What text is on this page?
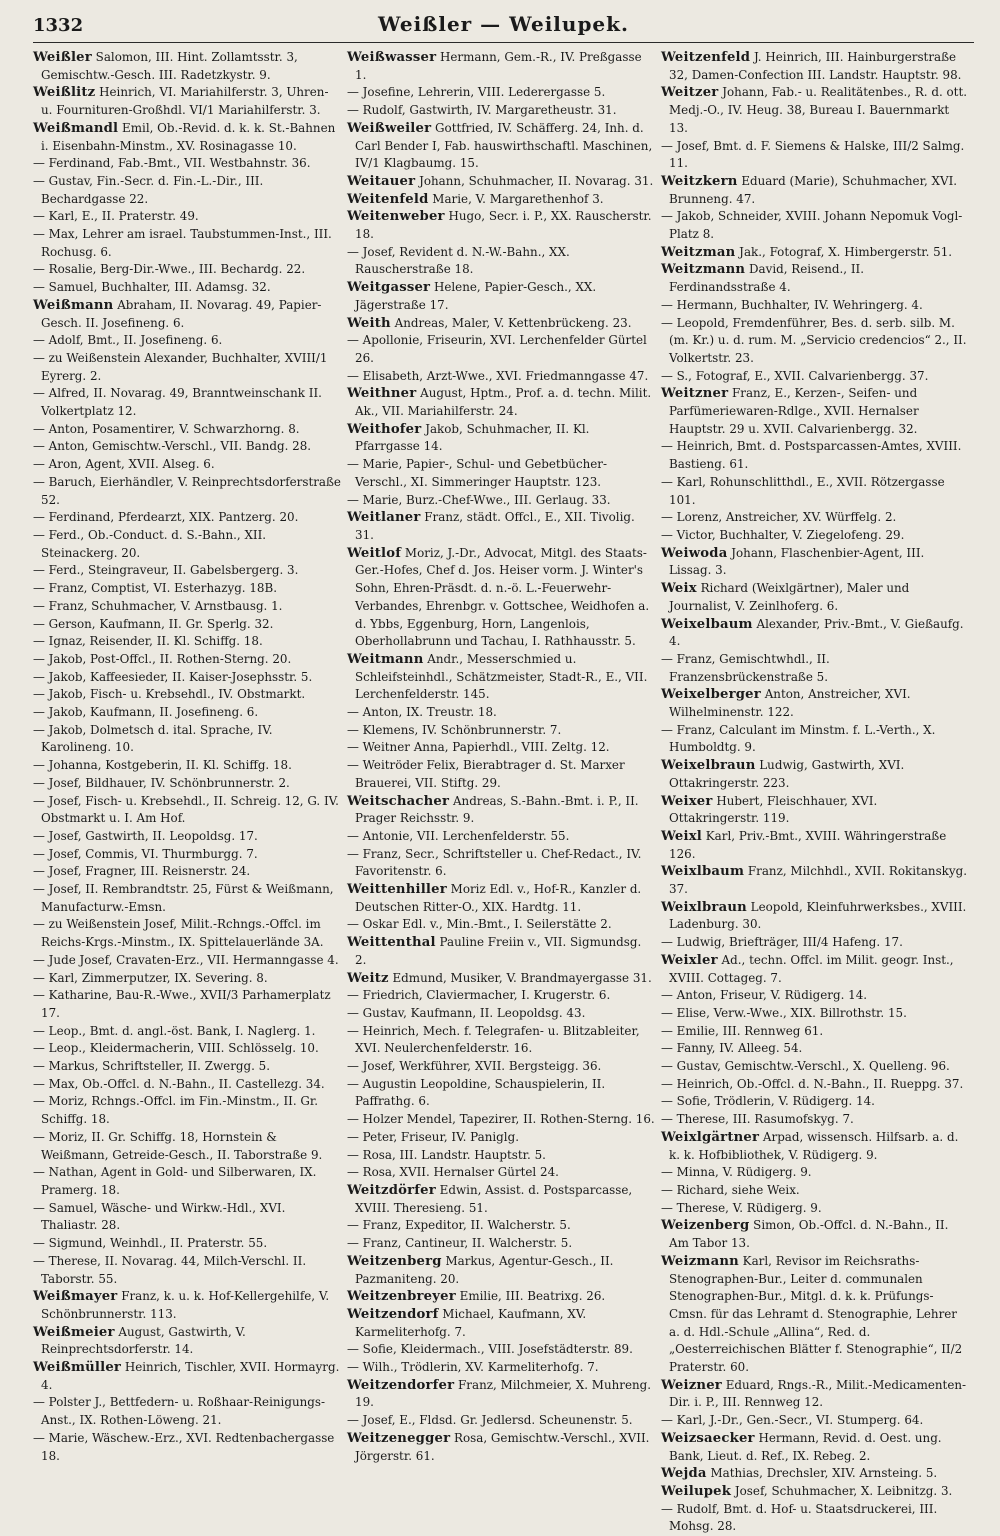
1332	Weißler — Weilupek.
Weißler Salomon, III. Hint. Zollamtsstr. 3, Gemischtw.-Gesch. III. Radetzkystr. 9.
Weißlitz Heinrich, VI. Mariahilferstr. 3, Uhren- u. Fournituren-Großhdl. VI/1 Mariahilferstr. 3.
Weißmandl Emil, Ob.-Revid. d. k. k. St.-Bahnen i. Eisenbahn-Minstm., XV. Rosinagasse 10.
— Ferdinand, Fab.-Bmt., VII. Westbahnstr. 36.
— Gustav, Fin.-Secr. d. Fin.-L.-Dir., III. Bechardgasse 22.
— Karl, E., II. Praterstr. 49.
— Max, Lehrer am israel. Taubstummen-Inst., III. Rochusg. 6.
— Rosalie, Berg-Dir.-Wwe., III. Bechardg. 22.
— Samuel, Buchhalter, III. Adamsg. 32.
Weißmann Abraham, II. Novarag. 49, Papier-Gesch. II. Josefineng. 6.
— Adolf, Bmt., II. Josefineng. 6.
— zu Weißenstein Alexander, Buchhalter, XVIII/1 Eyrerg. 2.
— Alfred, II. Novarag. 49, Branntweinschank II. Volkertplatz 12.
— Anton, Posamentirer, V. Schwarzhorng. 8.
— Anton, Gemischtw.-Verschl., VII. Bandg. 28.
— Aron, Agent, XVII. Alseg. 6.
— Baruch, Eierhändler, V. Reinprechtsdorferstraße 52.
— Ferdinand, Pferdearzt, XIX. Pantzerg. 20.
— Ferd., Ob.-Conduct. d. S.-Bahn., XII. Steinackerg. 20.
— Ferd., Steingraveur, II. Gabelsbergerg. 3.
— Franz, Comptist, VI. Esterhazyg. 18B.
— Franz, Schuhmacher, V. Arnstbausg. 1.
— Gerson, Kaufmann, II. Gr. Sperlg. 32.
— Ignaz, Reisender, II. Kl. Schiffg. 18.
— Jakob, Post-Offcl., II. Rothen-Sterng. 20.
— Jakob, Kaffeesieder, II. Kaiser-Josephsstr. 5.
— Jakob, Fisch- u. Krebsehdl., IV. Obstmarkt.
— Jakob, Kaufmann, II. Josefineng. 6.
— Jakob, Dolmetsch d. ital. Sprache, IV. Karolineng. 10.
— Johanna, Kostgeberin, II. Kl. Schiffg. 18.
— Josef, Bildhauer, IV. Schönbrunnerstr. 2.
— Josef, Fisch- u. Krebsehdl., II. Schreig. 12, G. IV. Obstmarkt u. I. Am Hof.
— Josef, Gastwirth, II. Leopoldsg. 17.
— Josef, Commis, VI. Thurmburgg. 7.
— Josef, Fragner, III. Reisnerstr. 24.
— Josef, II. Rembrandtstr. 25, Fürst & Weißmann, Manufacturw.-Emsn.
— zu Weißenstein Josef, Milit.-Rchngs.-Offcl. im Reichs-Krgs.-Minstm., IX. Spittelauerlände 3A.
— Jude Josef, Cravaten-Erz., VII. Hermanngasse 4.
— Karl, Zimmerputzer, IX. Severing. 8.
— Katharine, Bau-R.-Wwe., XVII/3 Parhamerplatz 17.
— Leop., Bmt. d. angl.-öst. Bank, I. Naglerg. 1.
— Leop., Kleidermacherin, VIII. Schlösselg. 10.
— Markus, Schriftsteller, II. Zwergg. 5.
— Max, Ob.-Offcl. d. N.-Bahn., II. Castellezg. 34.
— Moriz, Rchngs.-Offcl. im Fin.-Minstm., II. Gr. Schiffg. 18.
— Moriz, II. Gr. Schiffg. 18, Hornstein & Weißmann, Getreide-Gesch., II. Taborstraße 9.
— Nathan, Agent in Gold- und Silberwaren, IX. Pramerg. 18.
— Samuel, Wäsche- und Wirkw.-Hdl., XVI. Thaliastr. 28.
— Sigmund, Weinhdl., II. Praterstr. 55.
— Therese, II. Novarag. 44, Milch-Verschl. II. Taborstr. 55.
Weißmayer Franz, k. u. k. Hof-Kellergehilfe, V. Schönbrunnerstr. 113.
Weißmeier August, Gastwirth, V. Reinprechtsdorferstr. 14.
Weißmüller Heinrich, Tischler, XVII. Hormayrg. 4.
— Polster J., Bettfedern- u. Roßhaar-Reinigungs-Anst., IX. Rothen-Löweng. 21.
— Marie, Wäschew.-Erz., XVI. Redtenbachergasse 18.
Weißwasser Hermann, Gem.-R., IV. Preßgasse 1.
— Josefine, Lehrerin, VIII. Lederergasse 5.
— Rudolf, Gastwirth, IV. Margaretheustr. 31.
Weißweiler Gottfried, IV. Schäfferg. 24, Inh. d. Carl Bender I, Fab. hauswirthschaftl. Maschinen, IV/1 Klagbaumg. 15.
Weitauer Johann, Schuhmacher, II. Novarag. 31.
Weitenfeld Marie, V. Margarethenhof 3.
Weitenweber Hugo, Secr. i. P., XX. Rauscherstr. 18.
— Josef, Revident d. N.-W.-Bahn., XX. Rauscherstraße 18.
Weitgasser Helene, Papier-Gesch., XX. Jägerstraße 17.
Weith Andreas, Maler, V. Kettenbrückeng. 23.
— Apollonie, Friseurin, XVI. Lerchenfelder Gürtel 26.
— Elisabeth, Arzt-Wwe., XVI. Friedmanngasse 47.
Weithner August, Hptm., Prof. a. d. techn. Milit. Ak., VII. Mariahilferstr. 24.
Weithofer Jakob, Schuhmacher, II. Kl. Pfarrgasse 14.
— Marie, Papier-, Schul- und Gebetbücher-Verschl., XI. Simmeringer Hauptstr. 123.
— Marie, Burz.-Chef-Wwe., III. Gerlaug. 33.
Weitlaner Franz, städt. Offcl., E., XII. Tivolig. 31.
Weitlof Moriz, J.-Dr., Advocat, Mitgl. des Staats-Ger.-Hofes, Chef d. Jos. Heiser vorm. J. Winter's Sohn, Ehren-Präsdt. d. n.-ö. L.-Feuerwehr-Verbandes, Ehrenbgr. v. Gottschee, Weidhofen a. d. Ybbs, Eggenburg, Horn, Langenlois, Oberhollabrunn und Tachau, I. Rathhausstr. 5.
Weitmann Andr., Messerschmied u. Schleifsteinhdl., Schätzmeister, Stadt-R., E., VII. Lerchenfelderstr. 145.
— Anton, IX. Treustr. 18.
— Klemens, IV. Schönbrunnerstr. 7.
— Weitner Anna, Papierhdl., VIII. Zeltg. 12.
— Weitröder Felix, Bierabtrager d. St. Marxer Brauerei, VII. Stiftg. 29.
Weitschacher Andreas, S.-Bahn.-Bmt. i. P., II. Prager Reichsstr. 9.
— Antonie, VII. Lerchenfelderstr. 55.
— Franz, Secr., Schriftsteller u. Chef-Redact., IV. Favoritenstr. 6.
Weittenhiller Moriz Edl. v., Hof-R., Kanzler d. Deutschen Ritter-O., XIX. Hardtg. 11.
— Oskar Edl. v., Min.-Bmt., I. Seilerstätte 2.
Weittenthal Pauline Freiin v., VII. Sigmundsg. 2.
Weitz Edmund, Musiker, V. Brandmayergasse 31.
— Friedrich, Claviermacher, I. Krugerstr. 6.
— Gustav, Kaufmann, II. Leopoldsg. 43.
— Heinrich, Mech. f. Telegrafen- u. Blitzableiter, XVI. Neulerchenfelderstr. 16.
— Josef, Werkführer, XVII. Bergsteigg. 36.
— Augustin Leopoldine, Schauspielerin, II. Paffrathg. 6.
— Holzer Mendel, Tapezirer, II. Rothen-Sterng. 16.
— Peter, Friseur, IV. Paniglg.
— Rosa, III. Landstr. Hauptstr. 5.
— Rosa, XVII. Hernalser Gürtel 24.
Weitzdörfer Edwin, Assist. d. Postsparcasse, XVIII. Theresieng. 51.
— Franz, Expeditor, II. Walcherstr. 5.
— Franz, Cantineur, II. Walcherstr. 5.
Weitzenberg Markus, Agentur-Gesch., II. Pazmaniteng. 20.
Weitzenbreyer Emilie, III. Beatrixg. 26.
Weitzendorf Michael, Kaufmann, XV. Karmeliterhofg. 7.
— Sofie, Kleidermach., VIII. Josefstädterstr. 89.
— Wilh., Trödlerin, XV. Karmeliterhofg. 7.
Weitzendorfer Franz, Milchmeier, X. Muhreng. 19.
— Josef, E., Fldsd. Gr. Jedlersd. Scheunenstr. 5.
Weitzenegger Rosa, Gemischtw.-Verschl., XVII. Jörgerstr. 61.
Weitzenfeld J. Heinrich, III. Hainburgerstraße 32, Damen-Confection III. Landstr. Hauptstr. 98.
Weitzer Johann, Fab.- u. Realitätenbes., R. d. ott. Medj.-O., IV. Heug. 38, Bureau I. Bauernmarkt 13.
— Josef, Bmt. d. F. Siemens & Halske, III/2 Salmg. 11.
Weitzkern Eduard (Marie), Schuhmacher, XVI. Brunneng. 47.
— Jakob, Schneider, XVIII. Johann Nepomuk Vogl-Platz 8.
Weitzman Jak., Fotograf, X. Himbergerstr. 51.
Weitzmann David, Reisend., II. Ferdinandsstraße 4.
— Hermann, Buchhalter, IV. Wehringerg. 4.
— Leopold, Fremdenführer, Bes. d. serb. silb. M. (m. Kr.) u. d. rum. M. „Servicio credencios“ 2., II. Volkertstr. 23.
— S., Fotograf, E., XVII. Calvarienbergg. 37.
Weitzner Franz, E., Kerzen-, Seifen- und Parfümeriewaren-Rdlge., XVII. Hernalser Hauptstr. 29 u. XVII. Calvarienbergg. 32.
— Heinrich, Bmt. d. Postsparcassen-Amtes, XVIII. Bastieng. 61.
— Karl, Rohunschlitthdl., E., XVII. Rötzergasse 101.
— Lorenz, Anstreicher, XV. Würffelg. 2.
— Victor, Buchhalter, V. Ziegelofeng. 29.
Weiwoda Johann, Flaschenbier-Agent, III. Lissag. 3.
Weix Richard (Weixlgärtner), Maler und Journalist, V. Zeinlhoferg. 6.
Weixelbaum Alexander, Priv.-Bmt., V. Gießaufg. 4.
— Franz, Gemischtwhdl., II. Franzensbrückenstraße 5.
Weixelberger Anton, Anstreicher, XVI. Wilhelminenstr. 122.
— Franz, Calculant im Minstm. f. L.-Verth., X. Humboldtg. 9.
Weixelbraun Ludwig, Gastwirth, XVI. Ottakringerstr. 223.
Weixer Hubert, Fleischhauer, XVI. Ottakringerstr. 119.
Weixl Karl, Priv.-Bmt., XVIII. Währingerstraße 126.
Weixlbaum Franz, Milchhdl., XVII. Rokitanskyg. 37.
Weixlbraun Leopold, Kleinfuhrwerksbes., XVIII. Ladenburg. 30.
— Ludwig, Briefträger, III/4 Hafeng. 17.
Weixler Ad., techn. Offcl. im Milit. geogr. Inst., XVIII. Cottageg. 7.
— Anton, Friseur, V. Rüdigerg. 14.
— Elise, Verw.-Wwe., XIX. Billrothstr. 15.
— Emilie, III. Rennweg 61.
— Fanny, IV. Alleeg. 54.
— Gustav, Gemischtw.-Verschl., X. Quelleng. 96.
— Heinrich, Ob.-Offcl. d. N.-Bahn., II. Rueppg. 37.
— Sofie, Trödlerin, V. Rüdigerg. 14.
— Therese, III. Rasumofskyg. 7.
Weixlgärtner Arpad, wissensch. Hilfsarb. a. d. k. k. Hofbibliothek, V. Rüdigerg. 9.
— Minna, V. Rüdigerg. 9.
— Richard, siehe Weix.
— Therese, V. Rüdigerg. 9.
Weizenberg Simon, Ob.-Offcl. d. N.-Bahn., II. Am Tabor 13.
Weizmann Karl, Revisor im Reichsraths-Stenographen-Bur., Leiter d. communalen Stenographen-Bur., Mitgl. d. k. k. Prüfungs-Cmsn. für das Lehramt d. Stenographie, Lehrer a. d. Hdl.-Schule „Allina“, Red. d. „Oesterreichischen Blätter f. Stenographie“, II/2 Praterstr. 60.
Weizner Eduard, Rngs.-R., Milit.-Medicamenten-Dir. i. P., III. Rennweg 12.
— Karl, J.-Dr., Gen.-Secr., VI. Stumperg. 64.
Weizsaecker Hermann, Revid. d. Oest. ung. Bank, Lieut. d. Ref., IX. Rebeg. 2.
Wejda Mathias, Drechsler, XIV. Arnsteing. 5.
Weilupek Josef, Schuhmacher, X. Leibnitzg. 3.
— Rudolf, Bmt. d. Hof- u. Staatsdruckerei, III. Mohsg. 28.
